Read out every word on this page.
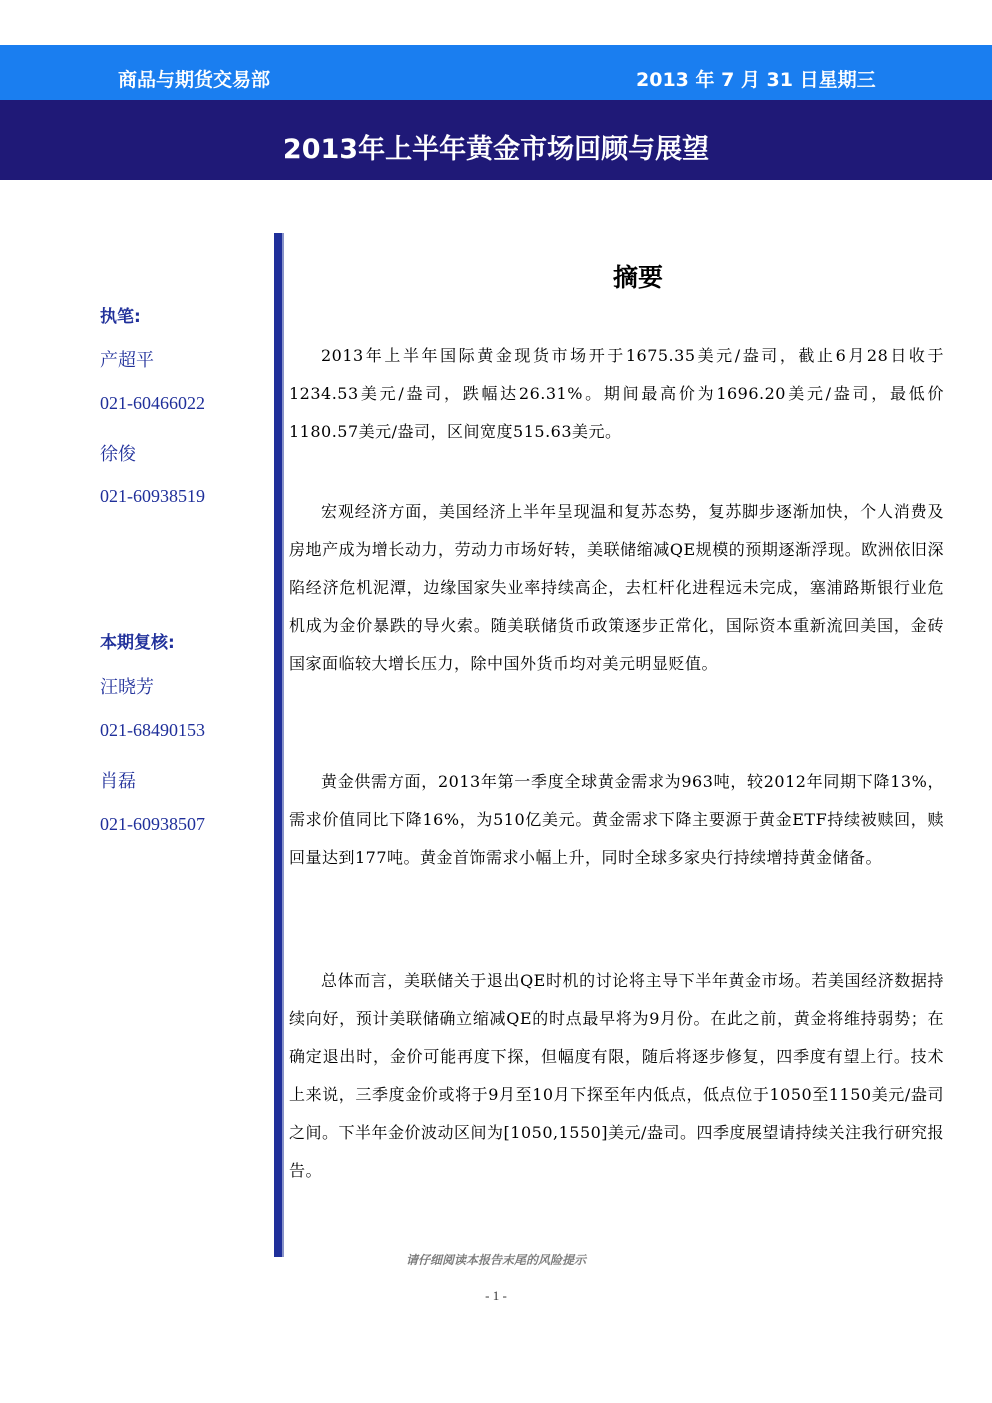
商品与期货交易部	2013 年 7 月 31 日星期三
2013年上半年黄金市场回顾与展望
执笔:
产超平
021-60466022
徐俊
021-60938519
本期复核:
汪晓芳
021-68490153
肖磊
021-60938507
摘要
2013年上半年国际黄金现货市场开于1675.35美元/盎司，截止6月28日收于1234.53美元/盎司，跌幅达26.31%。期间最高价为1696.20美元/盎司，最低价1180.57美元/盎司，区间宽度515.63美元。
宏观经济方面，美国经济上半年呈现温和复苏态势，复苏脚步逐渐加快，个人消费及房地产成为增长动力，劳动力市场好转，美联储缩减QE规模的预期逐渐浮现。欧洲依旧深陷经济危机泥潭，边缘国家失业率持续高企，去杠杆化进程远未完成，塞浦路斯银行业危机成为金价暴跌的导火索。随美联储货币政策逐步正常化，国际资本重新流回美国，金砖国家面临较大增长压力，除中国外货币均对美元明显贬值。
黄金供需方面，2013年第一季度全球黄金需求为963吨，较2012年同期下降13%，需求价值同比下降16%，为510亿美元。黄金需求下降主要源于黄金ETF持续被赎回，赎回量达到177吨。黄金首饰需求小幅上升，同时全球多家央行持续增持黄金储备。
总体而言，美联储关于退出QE时机的讨论将主导下半年黄金市场。若美国经济数据持续向好，预计美联储确立缩减QE的时点最早将为9月份。在此之前，黄金将维持弱势；在确定退出时，金价可能再度下探，但幅度有限，随后将逐步修复，四季度有望上行。技术上来说，三季度金价或将于9月至10月下探至年内低点，低点位于1050至1150美元/盎司之间。下半年金价波动区间为[1050,1550]美元/盎司。四季度展望请持续关注我行研究报告。
请仔细阅读本报告末尾的风险提示
- 1 -
